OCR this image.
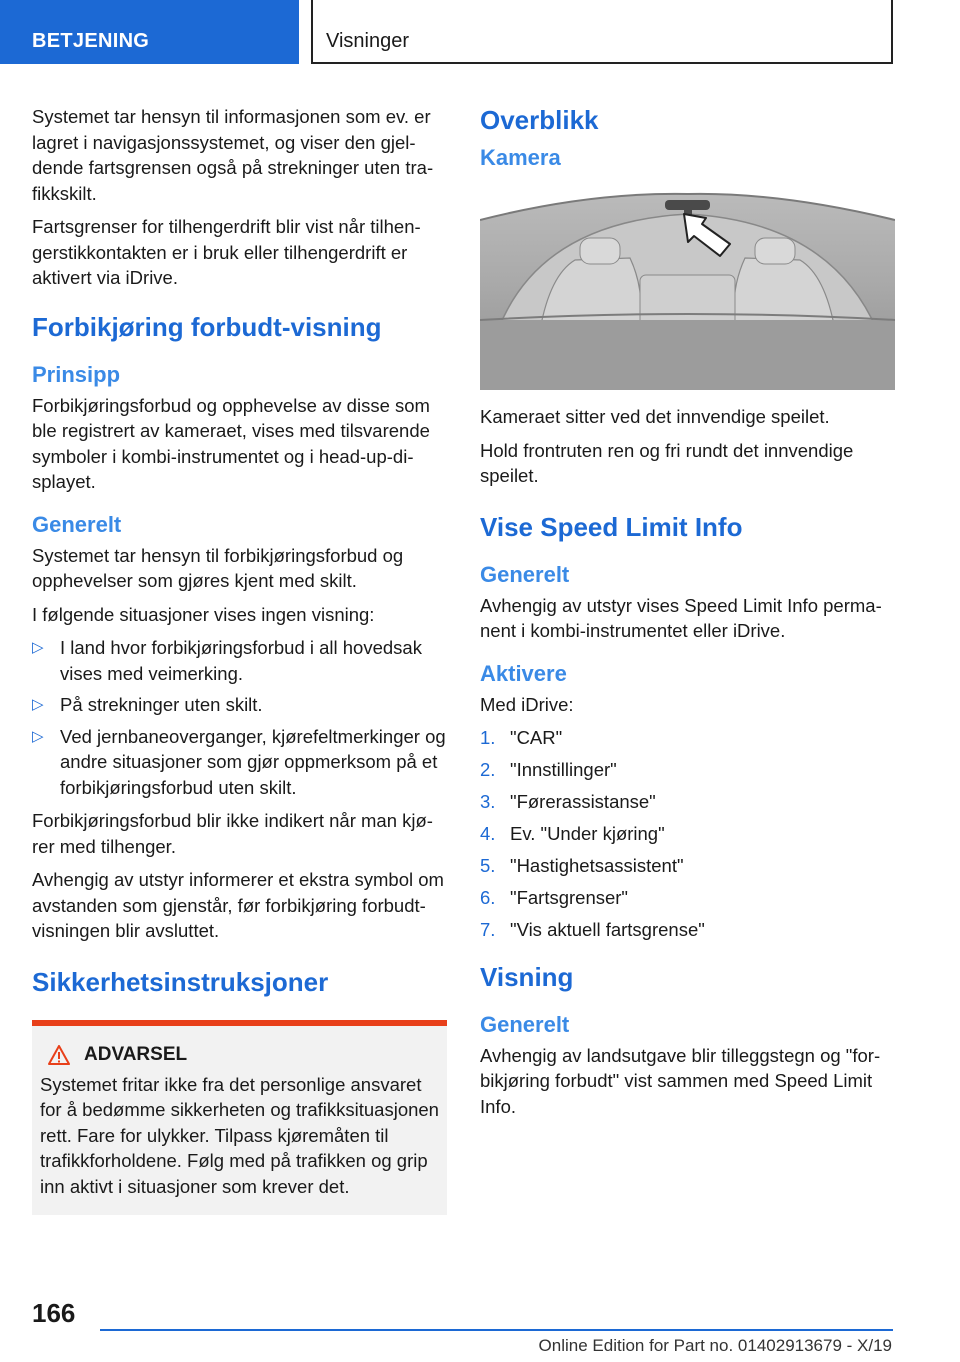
BETJENING	Visninger

Systemet tar hensyn til informasjonen som ev. er lagret i navigasjonssystemet, og viser den gjeldende fartsgrensen også på strekninger uten trafikkskilt.

Fartsgrenser for tilhengerdrift blir vist når tilhengerstikkontakten er i bruk eller tilhengerdrift er aktivert via iDrive.

Forbikjøring forbudt-visning
Prinsipp

Forbikjøringsforbud og opphevelse av disse som ble registrert av kameraet, vises med tilsvarende symboler i kombi-instrumentet og i head-up-displayet.

Generelt

Systemet tar hensyn til forbikjøringsforbud og opphevelser som gjøres kjent med skilt.

I følgende situasjoner vises ingen visning:

▷ I land hvor forbikjøringsforbud i all hovedsak vises med veimerking.
▷ På strekninger uten skilt.
▷ Ved jernbaneoverganger, kjørefeltmerkinger og andre situasjoner som gjør oppmerksom på et forbikjøringsforbud uten skilt.

Forbikjøringsforbud blir ikke indikert når man kjører med tilhenger.

Avhengig av utstyr informerer et ekstra symbol om avstanden som gjenstår, før forbikjøring forbudt-visningen blir avsluttet.

Sikkerhetsinstruksjoner
ADVARSEL

Systemet fritar ikke fra det personlige ansvaret for å bedømme sikkerheten og trafikksituasjonen rett. Fare for ulykker. Tilpass kjøremåten til trafikkforholdene. Følg med på trafikken og grip inn aktivt i situasjoner som krever det.

Overblikk
Kamera

Kameraet sitter ved det innvendige speilet.

Hold frontruten ren og fri rundt det innvendige speilet.

Vise Speed Limit Info
Generelt

Avhengig av utstyr vises Speed Limit Info permanent i kombi-instrumentet eller iDrive.

Aktivere

Med iDrive:

1. "CAR"
2. "Innstillinger"
3. "Førerassistanse"
4. Ev. "Under kjøring"
5. "Hastighetsassistent"
6. "Fartsgrenser"
7. "Vis aktuell fartsgrense"
Visning
Generelt

Avhengig av landsutgave blir tilleggstegn og "forbikjøring forbudt" vist sammen med Speed Limit Info.

166
Online Edition for Part no. 01402913679 - X/19
